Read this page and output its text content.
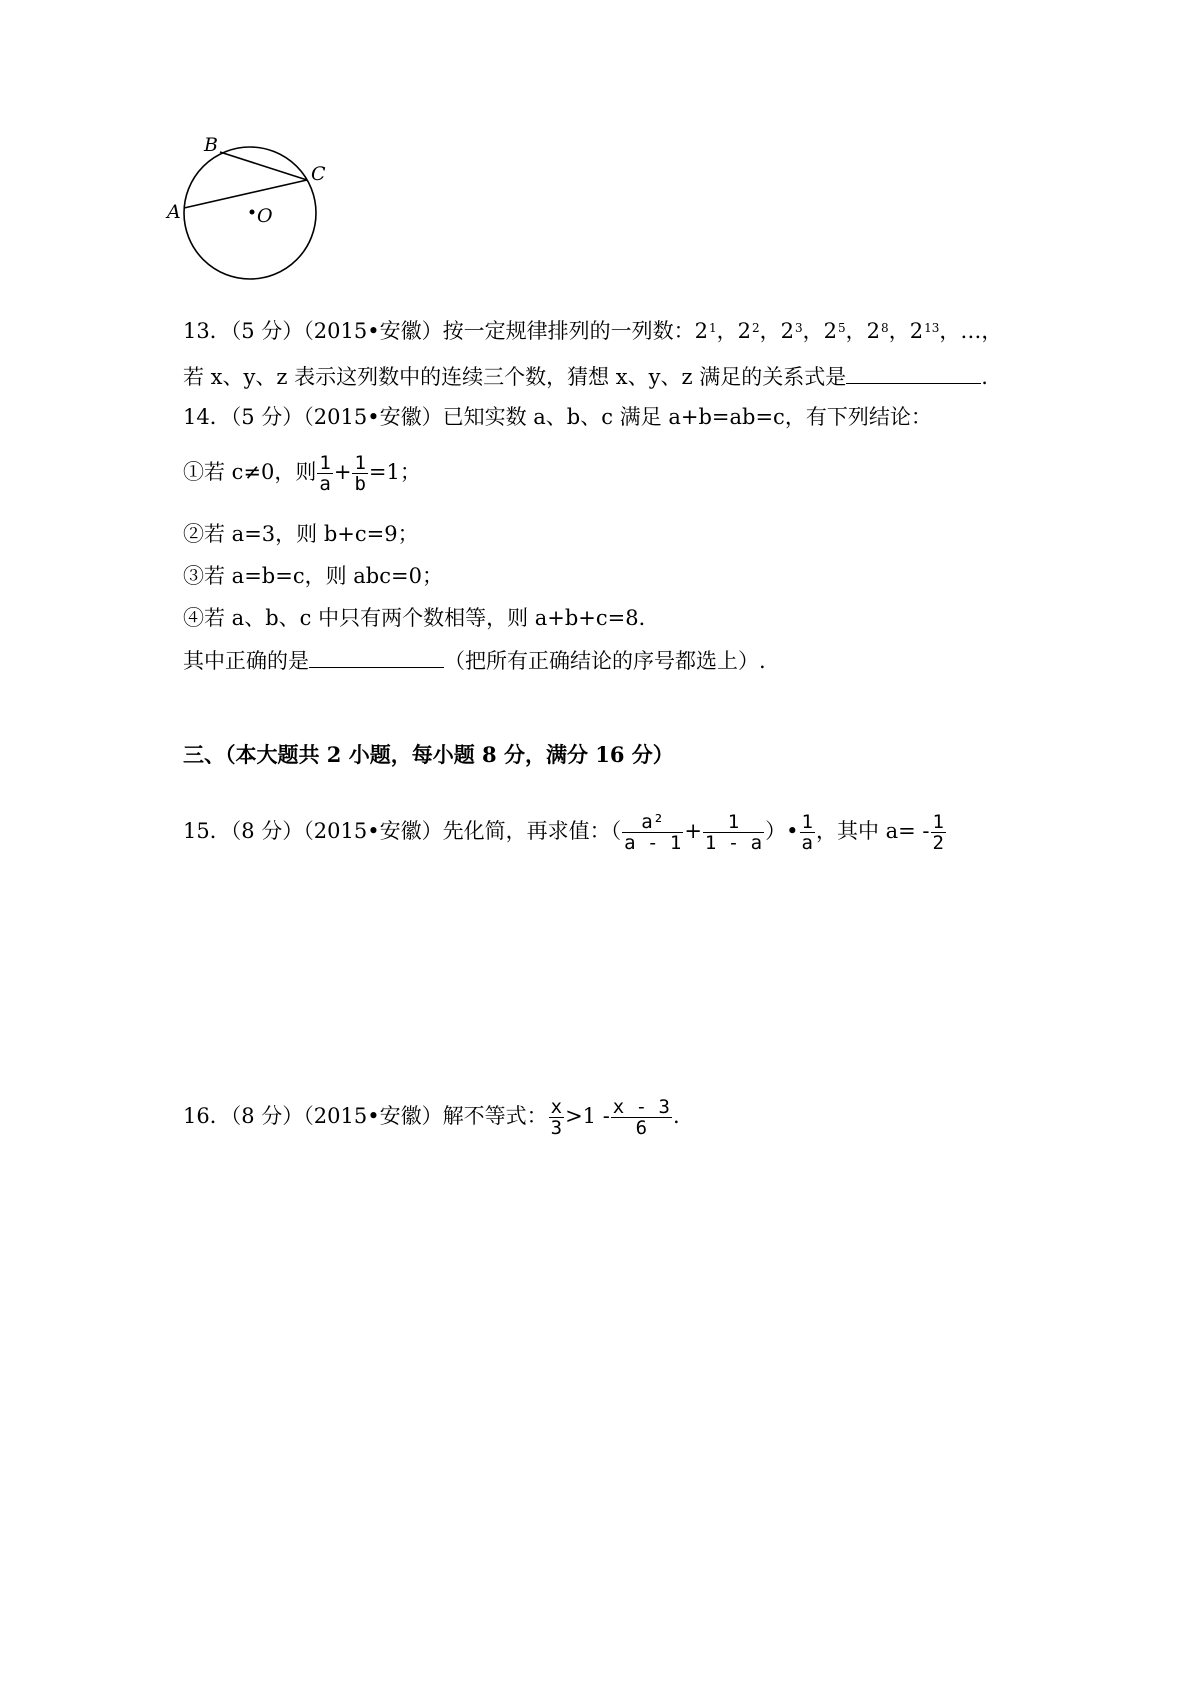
B
C
A	O
13．（5 分）（2015•安徽）按一定规律排列的一列数：$2^1$，$2^2$，$2^3$，$2^5$，$2^8$，$2^{13}$，…，
若 x、y、z 表示这列数中的连续三个数，猜想 x、y、z 满足的关系式是	.
14．（5 分）（2015•安徽）已知实数 a、b、c 满足 a+b=ab=c，有下列结论：
①若 c≠0，则 $\frac{1}{a} + \frac{1}{b} =1$；
②若 a=3，则 b+c=9；
③若 a=b=c，则 abc=0；
④若 a、b、c 中只有两个数相等，则 a+b+c=8．
其中正确的是	（把所有正确结论的序号都选上）.
三、（本大题共 2 小题，每小题 8 分，满分 16 分）
15．（8 分）（2015•安徽）先化简，再求值：（ $\frac{\text{a²}}{a - 1} + \frac{1}{1 - a}$ ）• $\frac{1}{a}$ ，其中 $a= - \frac{1}{2}$
16．（8 分）（2015•安徽）解不等式： $\frac{x}{3} >1 - \frac{x - 3}{6}$ .
